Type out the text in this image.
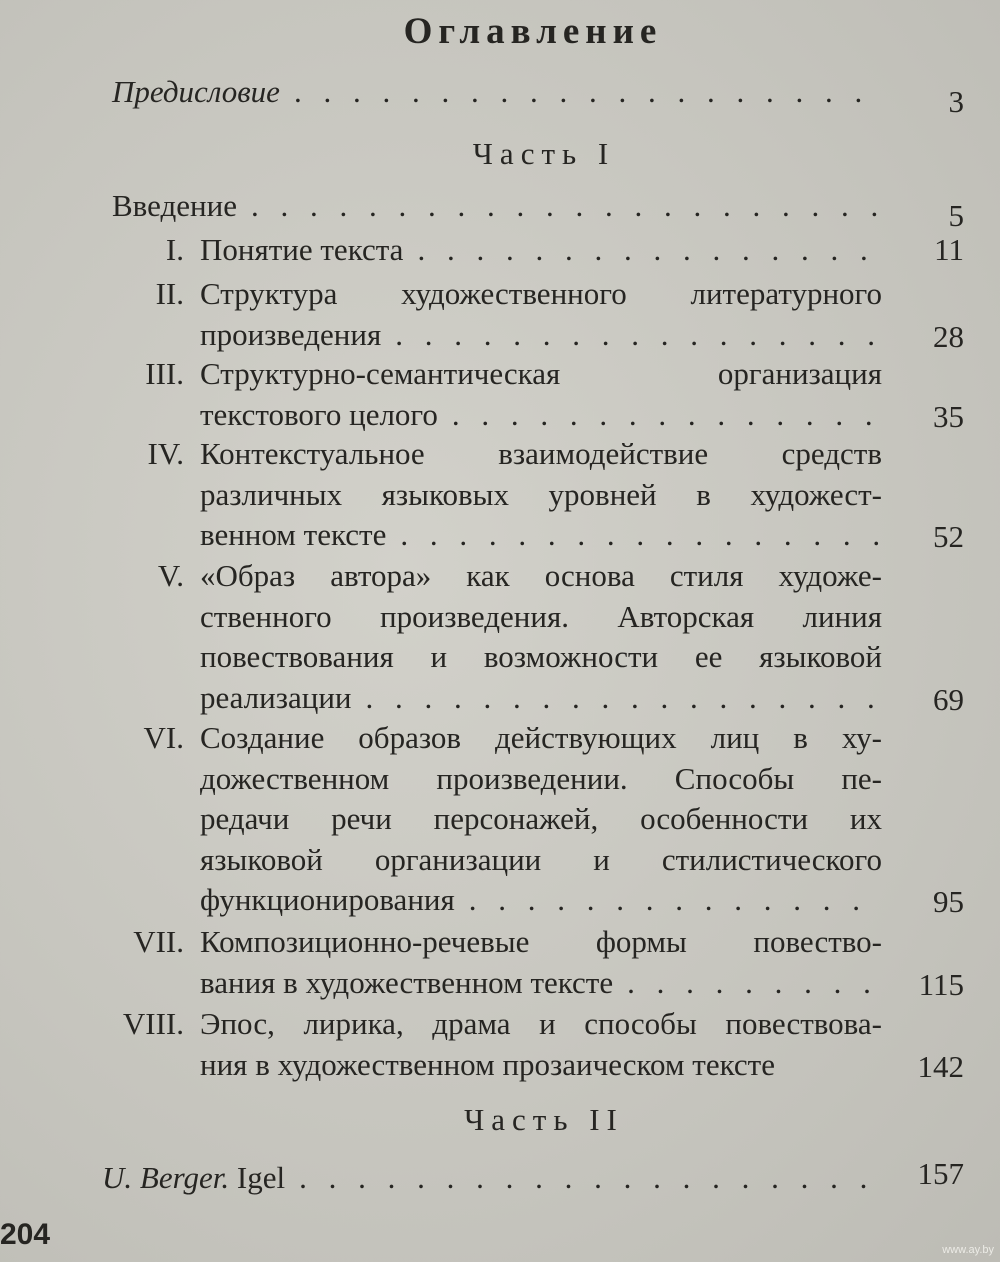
Оглавление
Предисловие . . .	3
Часть I
Введение . . .	5
I. Понятие текста . . .	11
II. Структура художественного литературного
произведения . . .	28
III. Структурно-семантическая организация
текстового целого . . .	35
IV. Контекстуальное взаимодействие средств
различных языковых уровней в художест-
венном тексте . . .	52
V. «Образ автора» как основа стиля художе-
ственного произведения. Авторская линия
повествования и возможности ее языковой
реализации . . .	69
VI. Создание образов действующих лиц в ху-
дожественном произведении. Способы пе-
редачи речи персонажей, особенности их
языковой организации и стилистического
функционирования . . .	95
VII. Композиционно-речевые формы повество-
вания в художественном тексте . . .	115
VIII. Эпос, лирика, драма и способы повествова-
ния в художественном прозаическом тексте	142
Часть II
U. Berger. Igel . . .	157
204	www.ay.by
